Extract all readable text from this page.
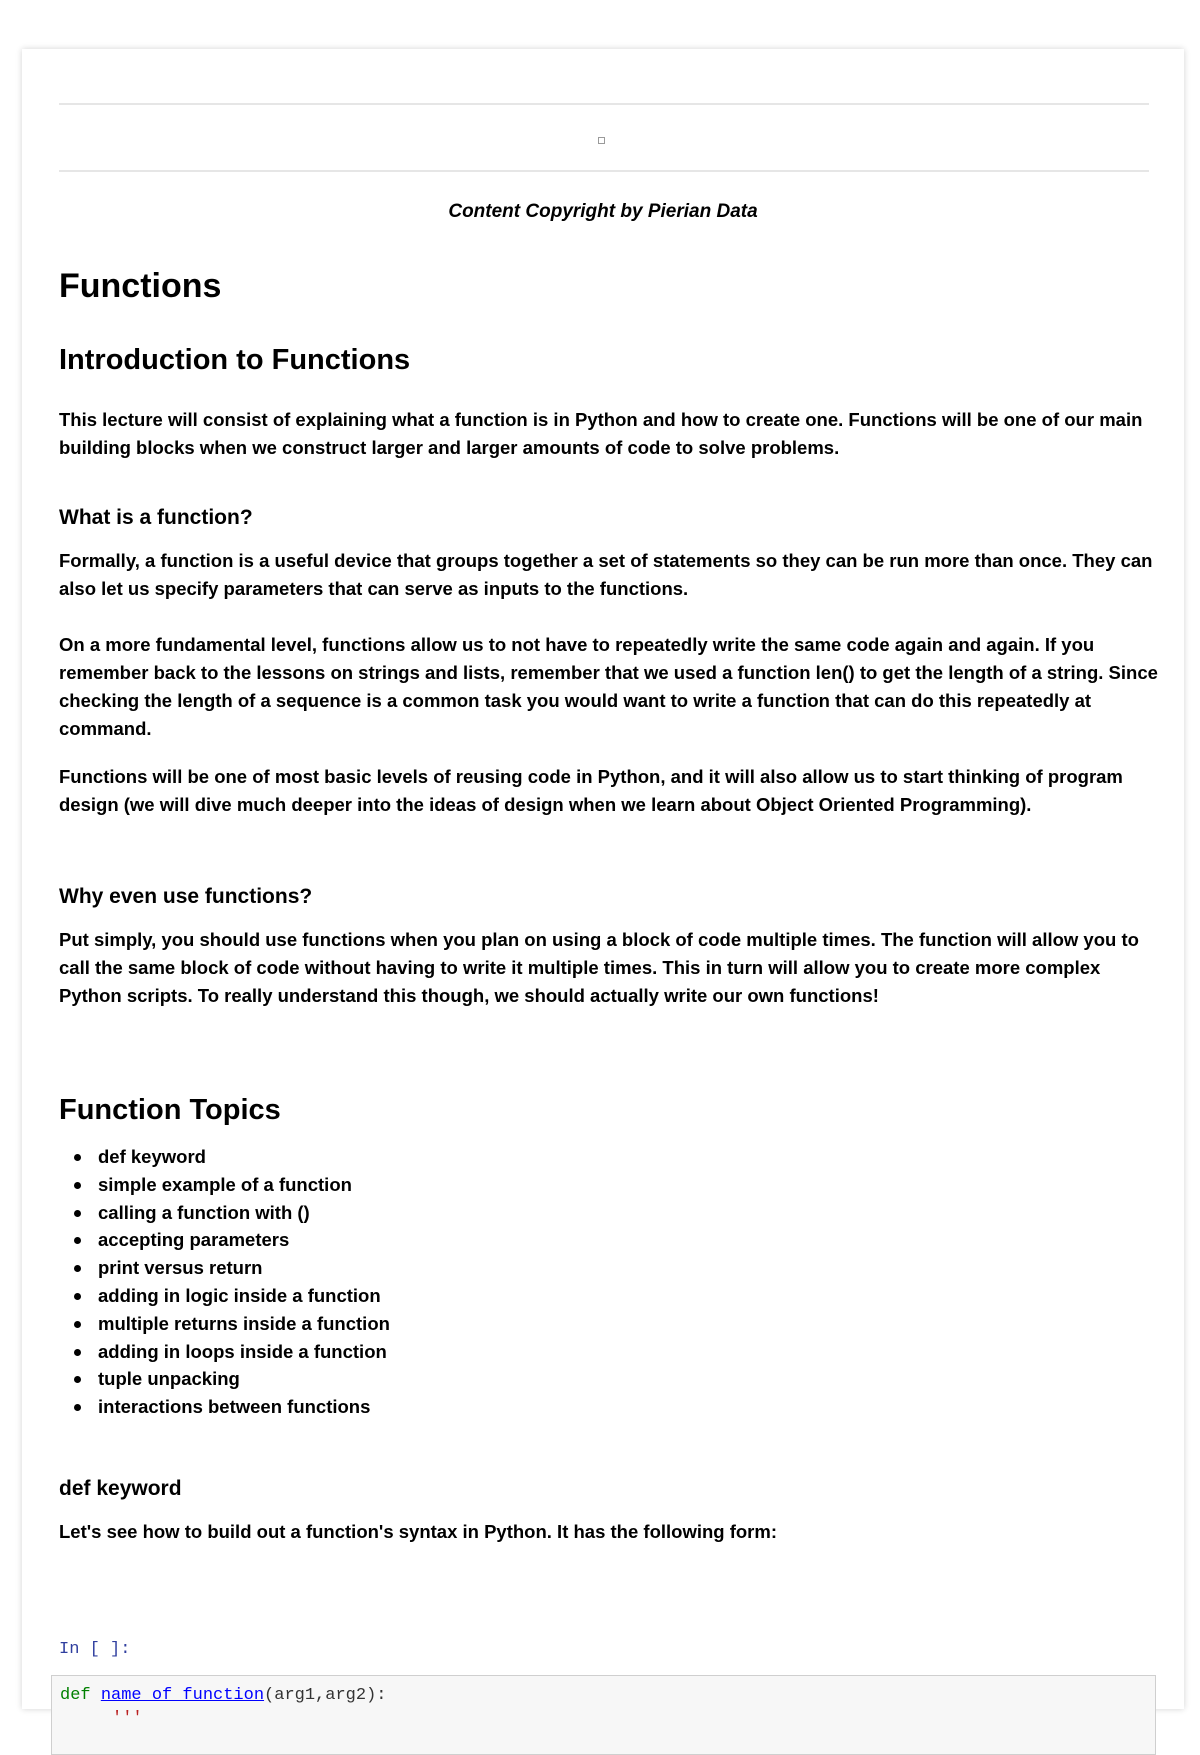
Content Copyright by Pierian Data
Functions
Introduction to Functions

This lecture will consist of explaining what a function is in Python and how to create one. Functions will be one of our main building blocks when we construct larger and larger amounts of code to solve problems.

What is a function?

Formally, a function is a useful device that groups together a set of statements so they can be run more than once. They can also let us specify parameters that can serve as inputs to the functions.

On a more fundamental level, functions allow us to not have to repeatedly write the same code again and again. If you remember back to the lessons on strings and lists, remember that we used a function len() to get the length of a string. Since checking the length of a sequence is a common task you would want to write a function that can do this repeatedly at command.

Functions will be one of most basic levels of reusing code in Python, and it will also allow us to start thinking of program design (we will dive much deeper into the ideas of design when we learn about Object Oriented Programming).

Why even use functions?

Put simply, you should use functions when you plan on using a block of code multiple times. The function will allow you to call the same block of code without having to write it multiple times. This in turn will allow you to create more complex Python scripts. To really understand this though, we should actually write our own functions!

Function Topics
def keyword
simple example of a function
calling a function with ()
accepting parameters
print versus return
adding in logic inside a function
multiple returns inside a function
adding in loops inside a function
tuple unpacking
interactions between functions
def keyword

Let's see how to build out a function's syntax in Python. It has the following form:

In [ ]:
def name_of_function(arg1,arg2):
'''
